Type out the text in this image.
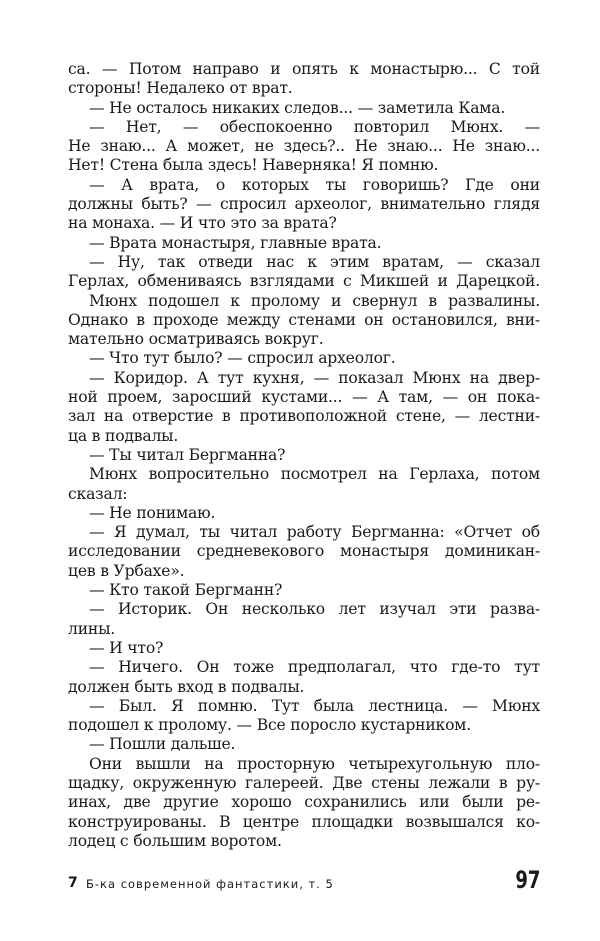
са. — Потом направо и опять к монастырю... С той
стороны! Недалеко от врат.
— Не осталось никаких следов... — заметила Кама.
— Нет, — обеспокоенно повторил Мюнх. —
Не знаю... А может, не здесь?.. Не знаю... Не знаю...
Нет! Стена была здесь! Наверняка! Я помню.
— А врата, о которых ты говоришь? Где они
должны быть? — спросил археолог, внимательно глядя
на монаха. — И что это за врата?
— Врата монастыря, главные врата.
— Ну, так отведи нас к этим вратам, — сказал
Герлах, обмениваясь взглядами с Микшей и Дарецкой.
Мюнх подошел к пролому и свернул в развалины.
Однако в проходе между стенами он остановился, вни-
мательно осматриваясь вокруг.
— Что тут было? — спросил археолог.
— Коридор. А тут кухня, — показал Мюнх на двер-
ной проем, заросший кустами... — А там, — он пока-
зал на отверстие в противоположной стене, — лестни-
ца в подвалы.
— Ты читал Бергманна?
Мюнх вопросительно посмотрел на Герлаха, потом
сказал:
— Не понимаю.
— Я думал, ты читал работу Бергманна: «Отчет об
исследовании средневекового монастыря доминикан-
цев в Урбахе».
— Кто такой Бергманн?
— Историк. Он несколько лет изучал эти разва-
лины.
— И что?
— Ничего. Он тоже предполагал, что где-то тут
должен быть вход в подвалы.
— Был. Я помню. Тут была лестница. — Мюнх
подошел к пролому. — Все поросло кустарником.
— Пошли дальше.
Они вышли на просторную четырехугольную пло-
щадку, окруженную галереей. Две стены лежали в ру-
инах, две другие хорошо сохранились или были ре-
конструированы. В центре площадки возвышался ко-
лодец с большим воротом.
7 Б-ка современной фантастики, т. 5	97
